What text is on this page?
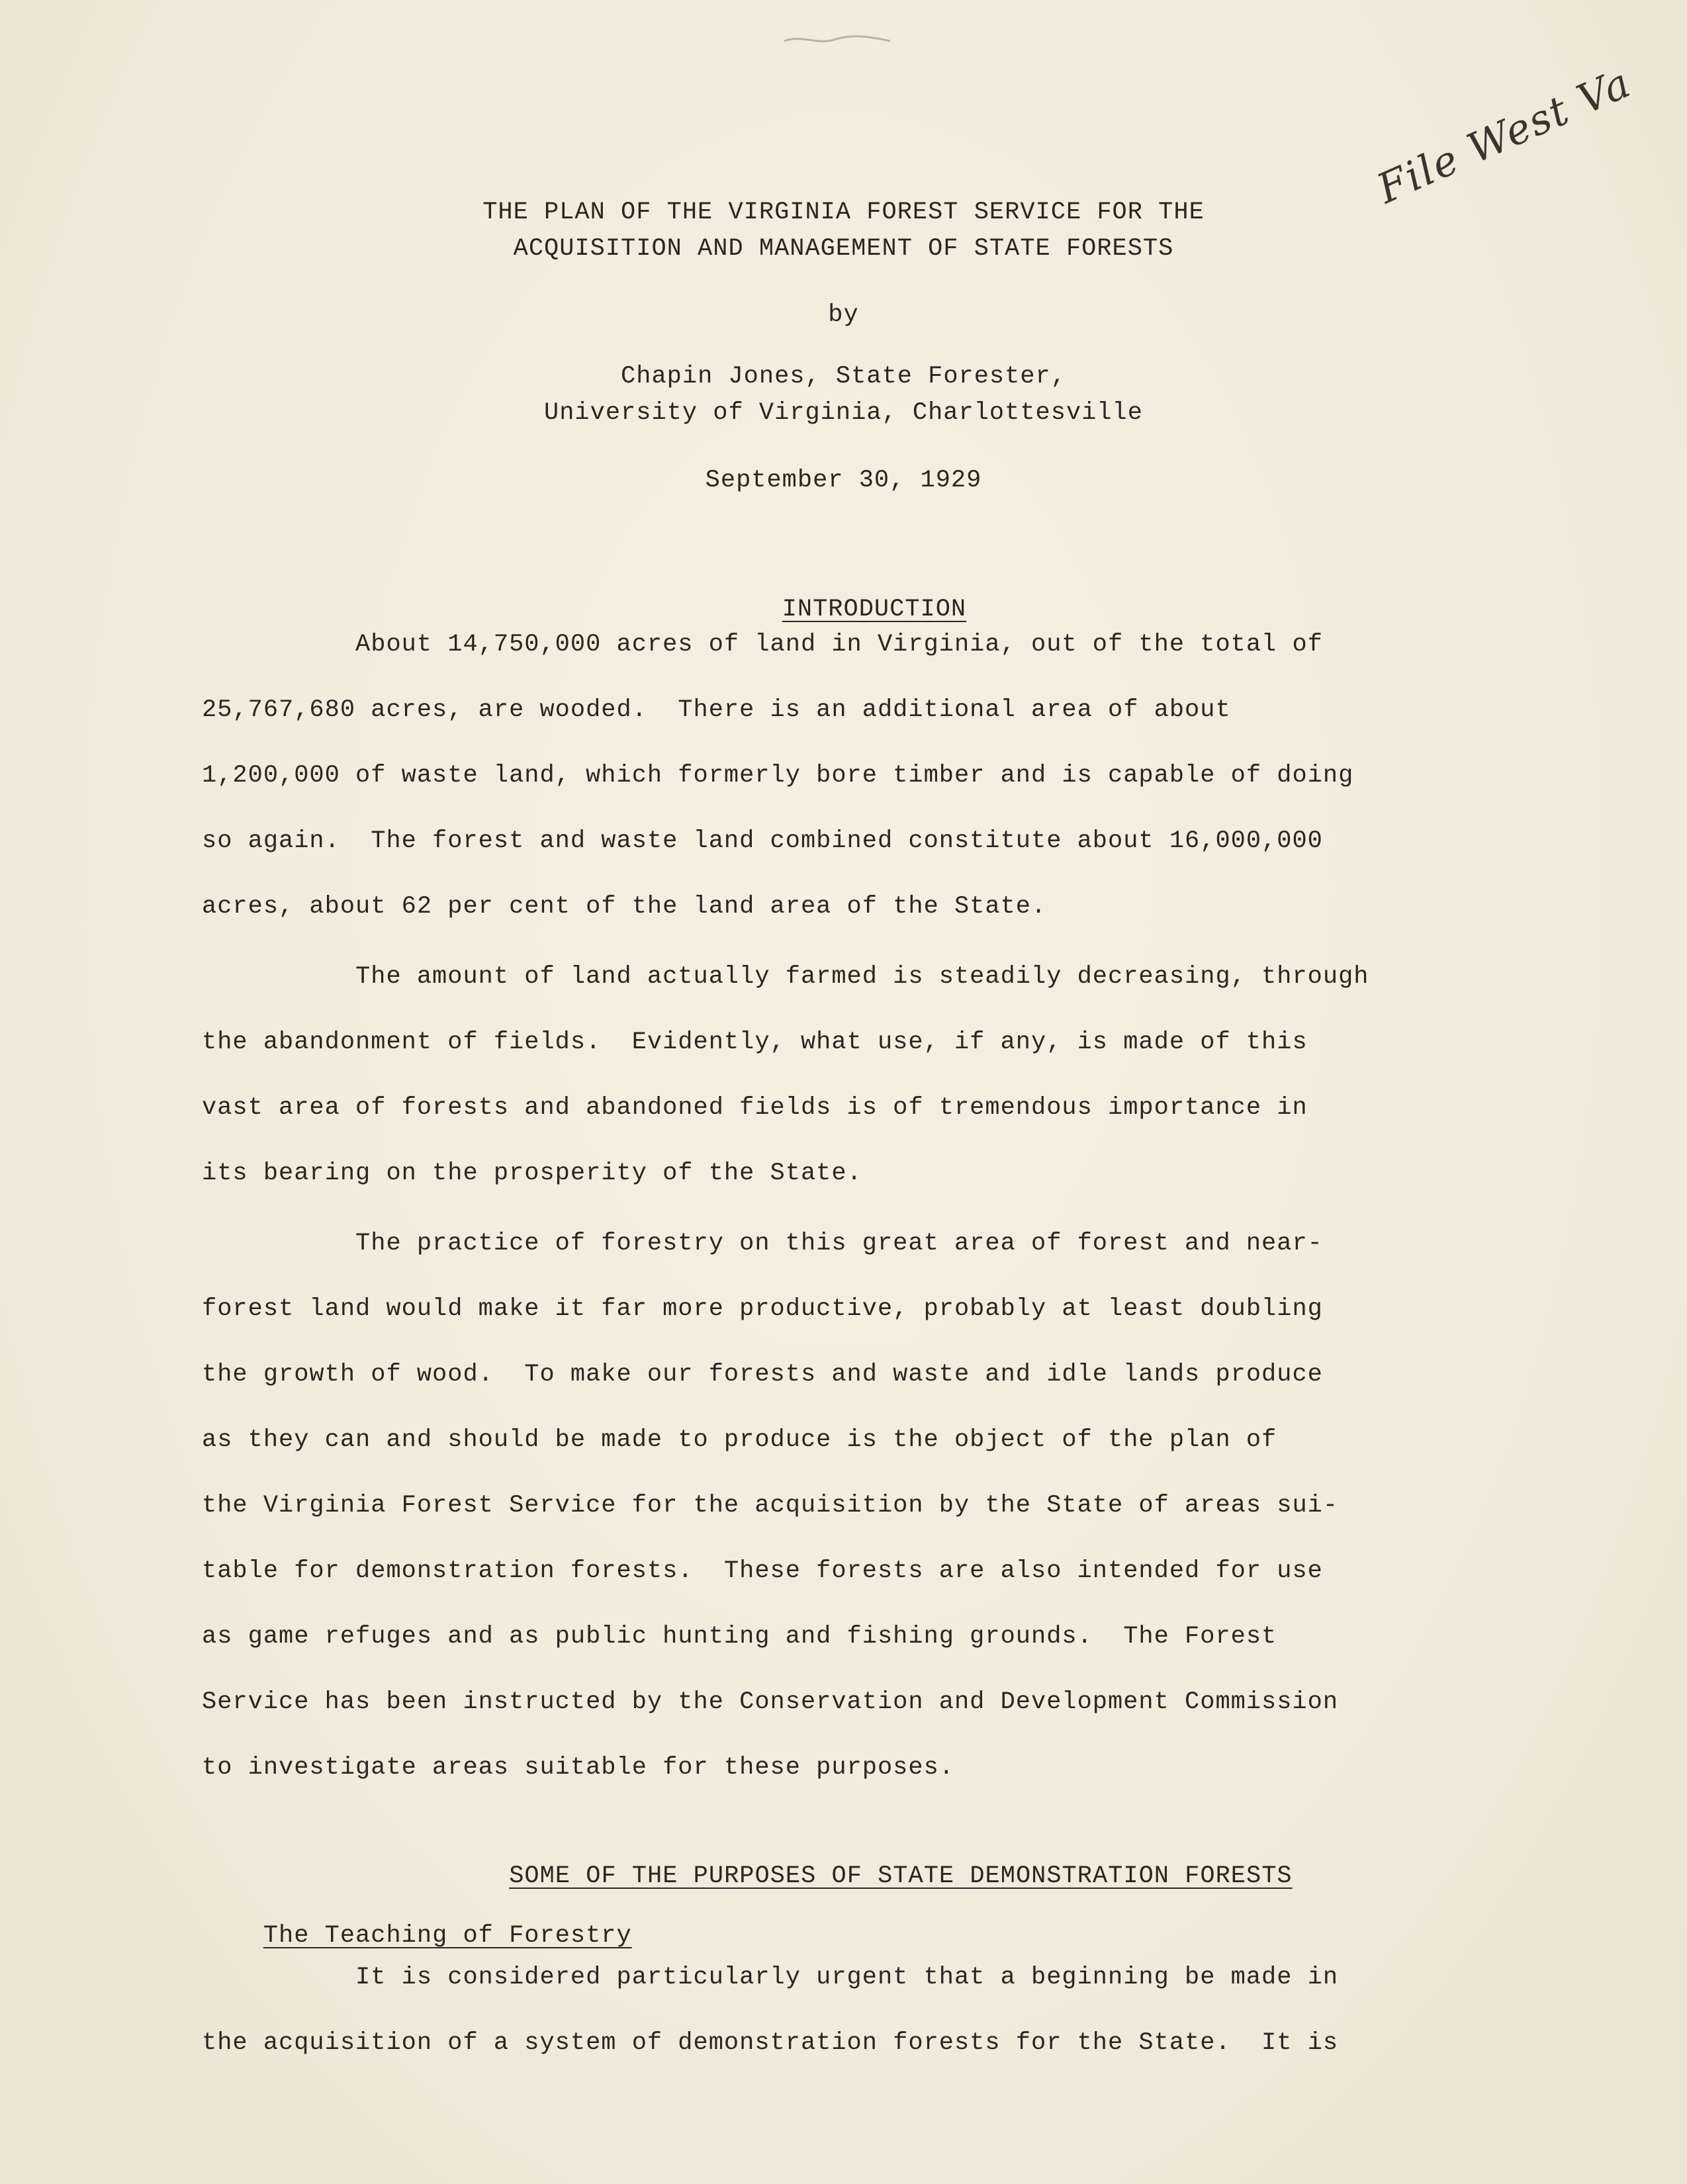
File West Va
THE PLAN OF THE VIRGINIA FOREST SERVICE FOR THE
ACQUISITION AND MANAGEMENT OF STATE FORESTS
by
Chapin Jones, State Forester,
University of Virginia, Charlottesville
September 30, 1929

INTRODUCTION

About 14,750,000 acres of land in Virginia, out of the total of
25,767,680 acres, are wooded.  There is an additional area of about
1,200,000 of waste land, which formerly bore timber and is capable of doing
so again.  The forest and waste land combined constitute about 16,000,000
acres, about 62 per cent of the land area of the State.
The amount of land actually farmed is steadily decreasing, through
the abandonment of fields.  Evidently, what use, if any, is made of this
vast area of forests and abandoned fields is of tremendous importance in
its bearing on the prosperity of the State.
The practice of forestry on this great area of forest and near-
forest land would make it far more productive, probably at least doubling
the growth of wood.  To make our forests and waste and idle lands produce
as they can and should be made to produce is the object of the plan of
the Virginia Forest Service for the acquisition by the State of areas sui-
table for demonstration forests.  These forests are also intended for use
as game refuges and as public hunting and fishing grounds.  The Forest
Service has been instructed by the Conservation and Development Commission
to investigate areas suitable for these purposes.

SOME OF THE PURPOSES OF STATE DEMONSTRATION FORESTS

The Teaching of Forestry

It is considered particularly urgent that a beginning be made in
the acquisition of a system of demonstration forests for the State.  It is
